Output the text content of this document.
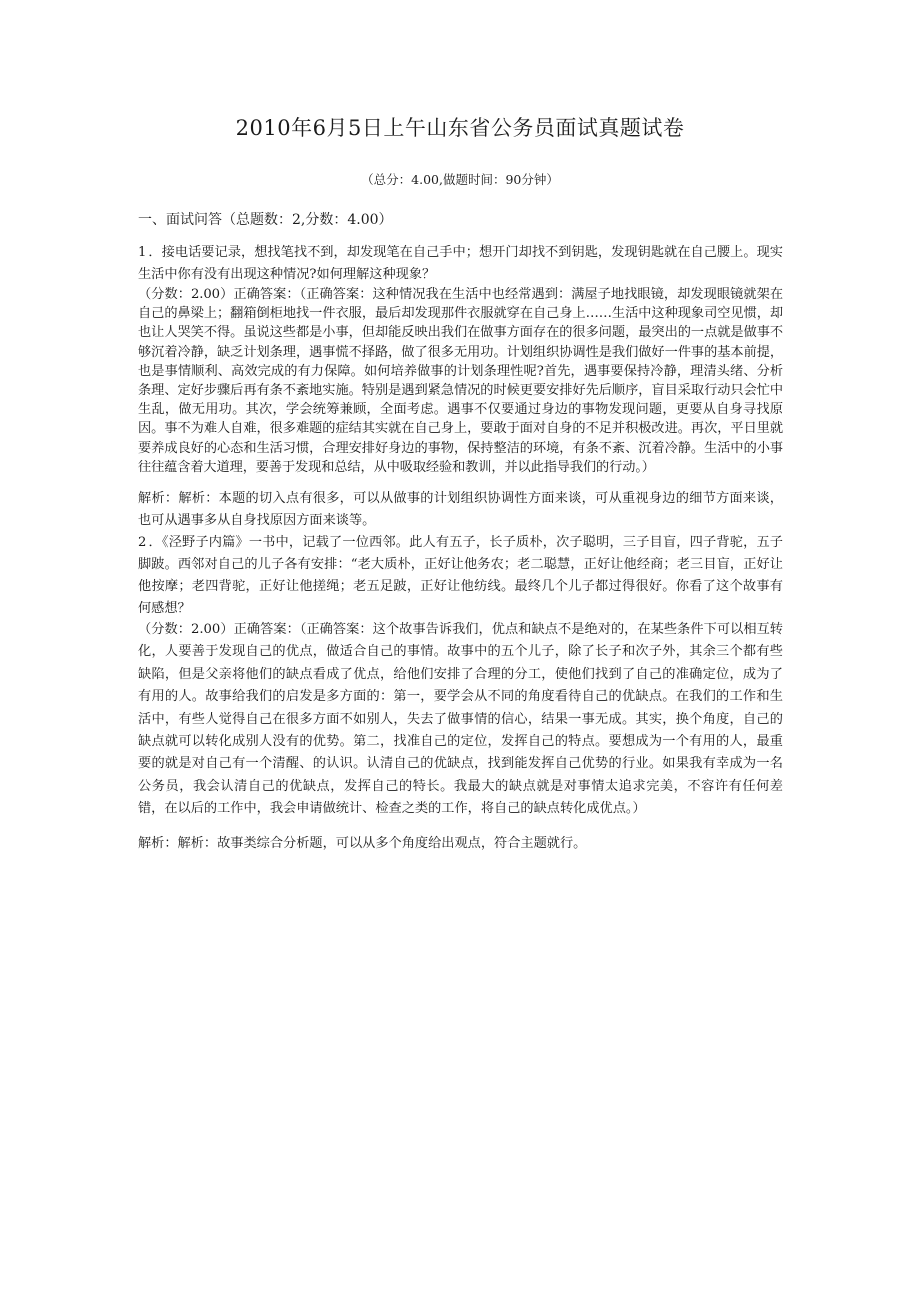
2010年6月5日上午山东省公务员面试真题试卷

（总分：4.00,做题时间：90分钟）

一、面试问答（总题数：2,分数：4.00）

1 ．接电话要记录，想找笔找不到，却发现笔在自己手中；想开门却找不到钥匙，发现钥匙就在自己腰上。现实生活中你有没有出现这种情况?如何理解这种现象？

（分数：2.00）正确答案：（正确答案：这种情况我在生活中也经常遇到：满屋子地找眼镜，却发现眼镜就架在自己的鼻梁上；翻箱倒柜地找一件衣服，最后却发现那件衣服就穿在自己身上……生活中这种现象司空见惯，却也让人哭笑不得。虽说这些都是小事，但却能反映出我们在做事方面存在的很多问题，最突出的一点就是做事不够沉着冷静，缺乏计划条理，遇事慌不择路，做了很多无用功。计划组织协调性是我们做好一件事的基本前提，也是事情顺利、高效完成的有力保障。如何培养做事的计划条理性呢?首先，遇事要保持冷静，理清头绪、分析条理、定好步骤后再有条不紊地实施。特别是遇到紧急情况的时候更要安排好先后顺序，盲目采取行动只会忙中生乱，做无用功。其次，学会统筹兼顾，全面考虑。遇事不仅要通过身边的事物发现问题，更要从自身寻找原因。事不为难人自难，很多难题的症结其实就在自己身上，要敢于面对自身的不足并积极改进。再次，平日里就要养成良好的心态和生活习惯，合理安排好身边的事物，保持整洁的环境，有条不紊、沉着冷静。生活中的小事往往蕴含着大道理，要善于发现和总结，从中吸取经验和教训，并以此指导我们的行动。）

解析：解析：本题的切入点有很多，可以从做事的计划组织协调性方面来谈，可从重视身边的细节方面来谈，也可从遇事多从自身找原因方面来谈等。

2 ．《泾野子内篇》一书中，记载了一位西邻。此人有五子，长子质朴，次子聪明，三子目盲，四子背驼，五子脚跛。西邻对自己的儿子各有安排：“老大质朴，正好让他务农；老二聪慧，正好让他经商；老三目盲，正好让他按摩；老四背驼，正好让他搓绳；老五足跛，正好让他纺线。最终几个儿子都过得很好。你看了这个故事有何感想？

（分数：2.00）正确答案：（正确答案：这个故事告诉我们，优点和缺点不是绝对的，在某些条件下可以相互转化，人要善于发现自己的优点，做适合自己的事情。故事中的五个儿子，除了长子和次子外，其余三个都有些缺陷，但是父亲将他们的缺点看成了优点，给他们安排了合理的分工，使他们找到了自己的准确定位，成为了有用的人。故事给我们的启发是多方面的：第一，要学会从不同的角度看待自己的优缺点。在我们的工作和生活中，有些人觉得自己在很多方面不如别人，失去了做事情的信心，结果一事无成。其实，换个角度，自己的缺点就可以转化成别人没有的优势。第二，找准自己的定位，发挥自己的特点。要想成为一个有用的人，最重要的就是对自己有一个清醒、的认识。认清自己的优缺点，找到能发挥自己优势的行业。如果我有幸成为一名公务员，我会认清自己的优缺点，发挥自己的特长。我最大的缺点就是对事情太追求完美，不容许有任何差错，在以后的工作中，我会申请做统计、检查之类的工作，将自己的缺点转化成优点。）

解析：解析：故事类综合分析题，可以从多个角度给出观点，符合主题就行。
